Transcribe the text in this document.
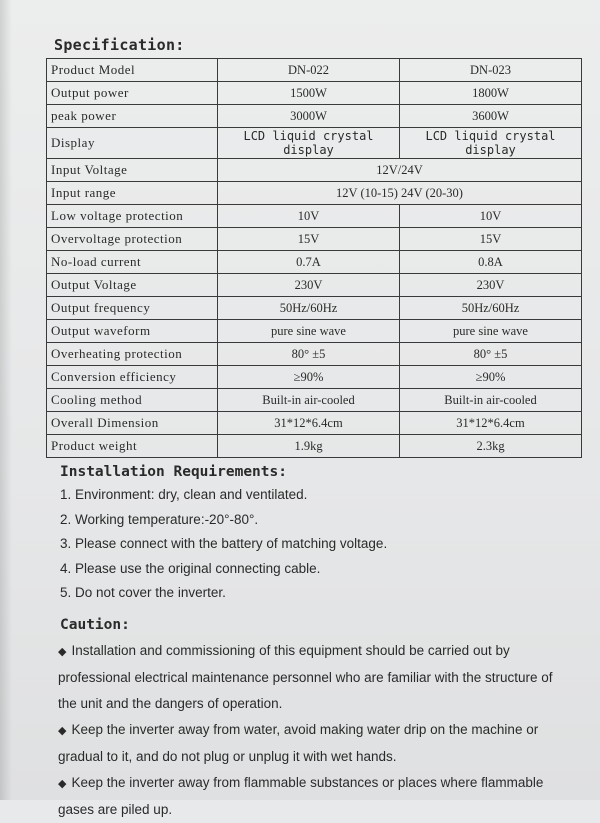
Specification:
Product Model	DN-022	DN-023
Output power	1500W	1800W
peak power	3000W	3600W
Display	LCD liquid crystal display	LCD liquid crystal display
Input Voltage	12V/24V	
Input range	12V (10-15) 24V (20-30)	
Low voltage protection	10V	10V
Overvoltage protection	15V	15V
No-load current	0.7A	0.8A
Output Voltage	230V	230V
Output frequency	50Hz/60Hz	50Hz/60Hz
Output waveform	pure sine wave	pure sine wave
Overheating protection	80° ±5	80° ±5
Conversion efficiency	≥90%	≥90%
Cooling method	Built-in air-cooled	Built-in air-cooled
Overall Dimension	31*12*6.4cm	31*12*6.4cm
Product weight	1.9kg	2.3kg
Installation Requirements:
1. Environment: dry, clean and ventilated.
2. Working temperature:-20°-80°.
3. Please connect with the battery of matching voltage.
4. Please use the original connecting cable.
5. Do not cover the inverter.
Caution:

◆ Installation and commissioning of this equipment should be carried out by professional electrical maintenance personnel who are familiar with the structure of the unit and the dangers of operation.

◆ Keep the inverter away from water, avoid making water drip on the machine or gradual to it, and do not plug or unplug it with wet hands.

◆ Keep the inverter away from flammable substances or places where flammable gases are piled up.
